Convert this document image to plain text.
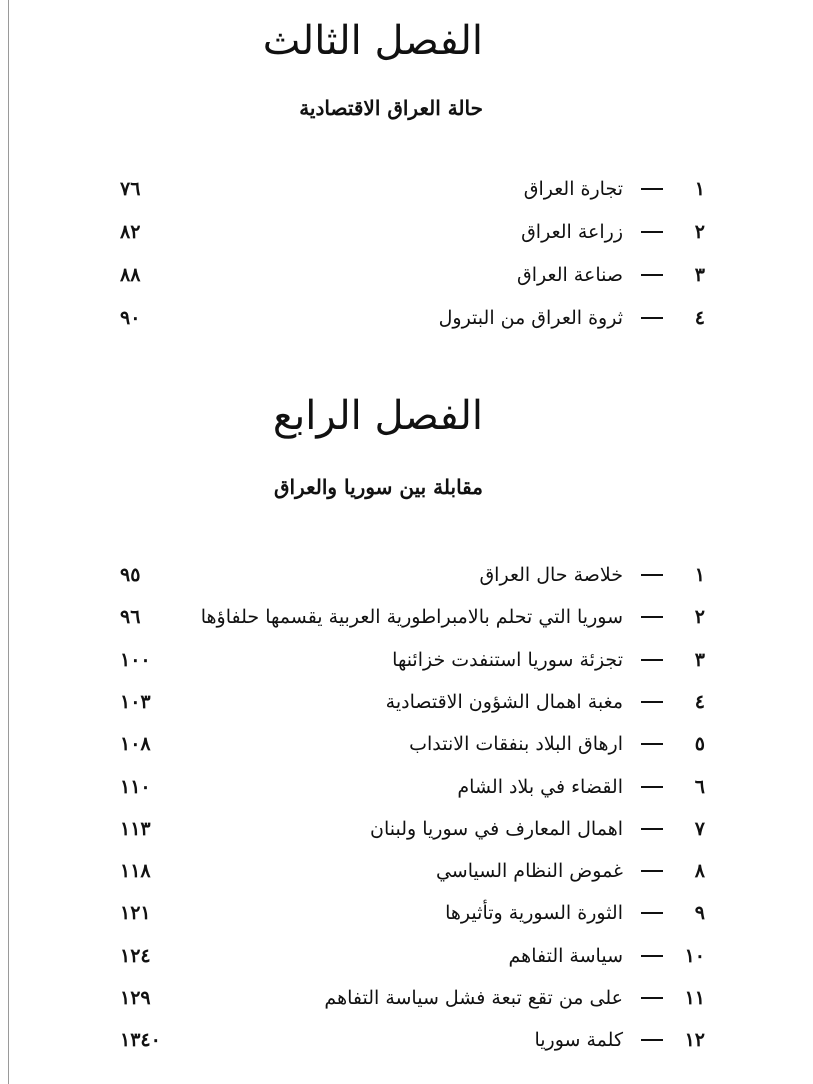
الفصل الثالث
حالة العراق الاقتصادية
١
تجارة العراق
٧٦
٢
زراعة العراق
٨٢
٣
صناعة العراق
٨٨
٤
ثروة العراق من البترول
٩٠
الفصل الرابع
مقابلة بين سوريا والعراق
١
خلاصة حال العراق
٩٥
٢
سوريا التي تحلم بالامبراطورية العربية يقسمها حلفاؤها
٩٦
٣
تجزئة سوريا استنفدت خزائنها
١٠٠
٤
مغبة اهمال الشؤون الاقتصادية
١٠٣
٥
ارهاق البلاد بنفقات الانتداب
١٠٨
٦
القضاء في بلاد الشام
١١٠
٧
اهمال المعارف في سوريا ولبنان
١١٣
٨
غموض النظام السياسي
١١٨
٩
الثورة السورية وتأثيرها
١٢١
١٠
سياسة التفاهم
١٢٤
١١
على من تقع تبعة فشل سياسة التفاهم
١٢٩
١٢
كلمة سوريا
١٣٤٠
